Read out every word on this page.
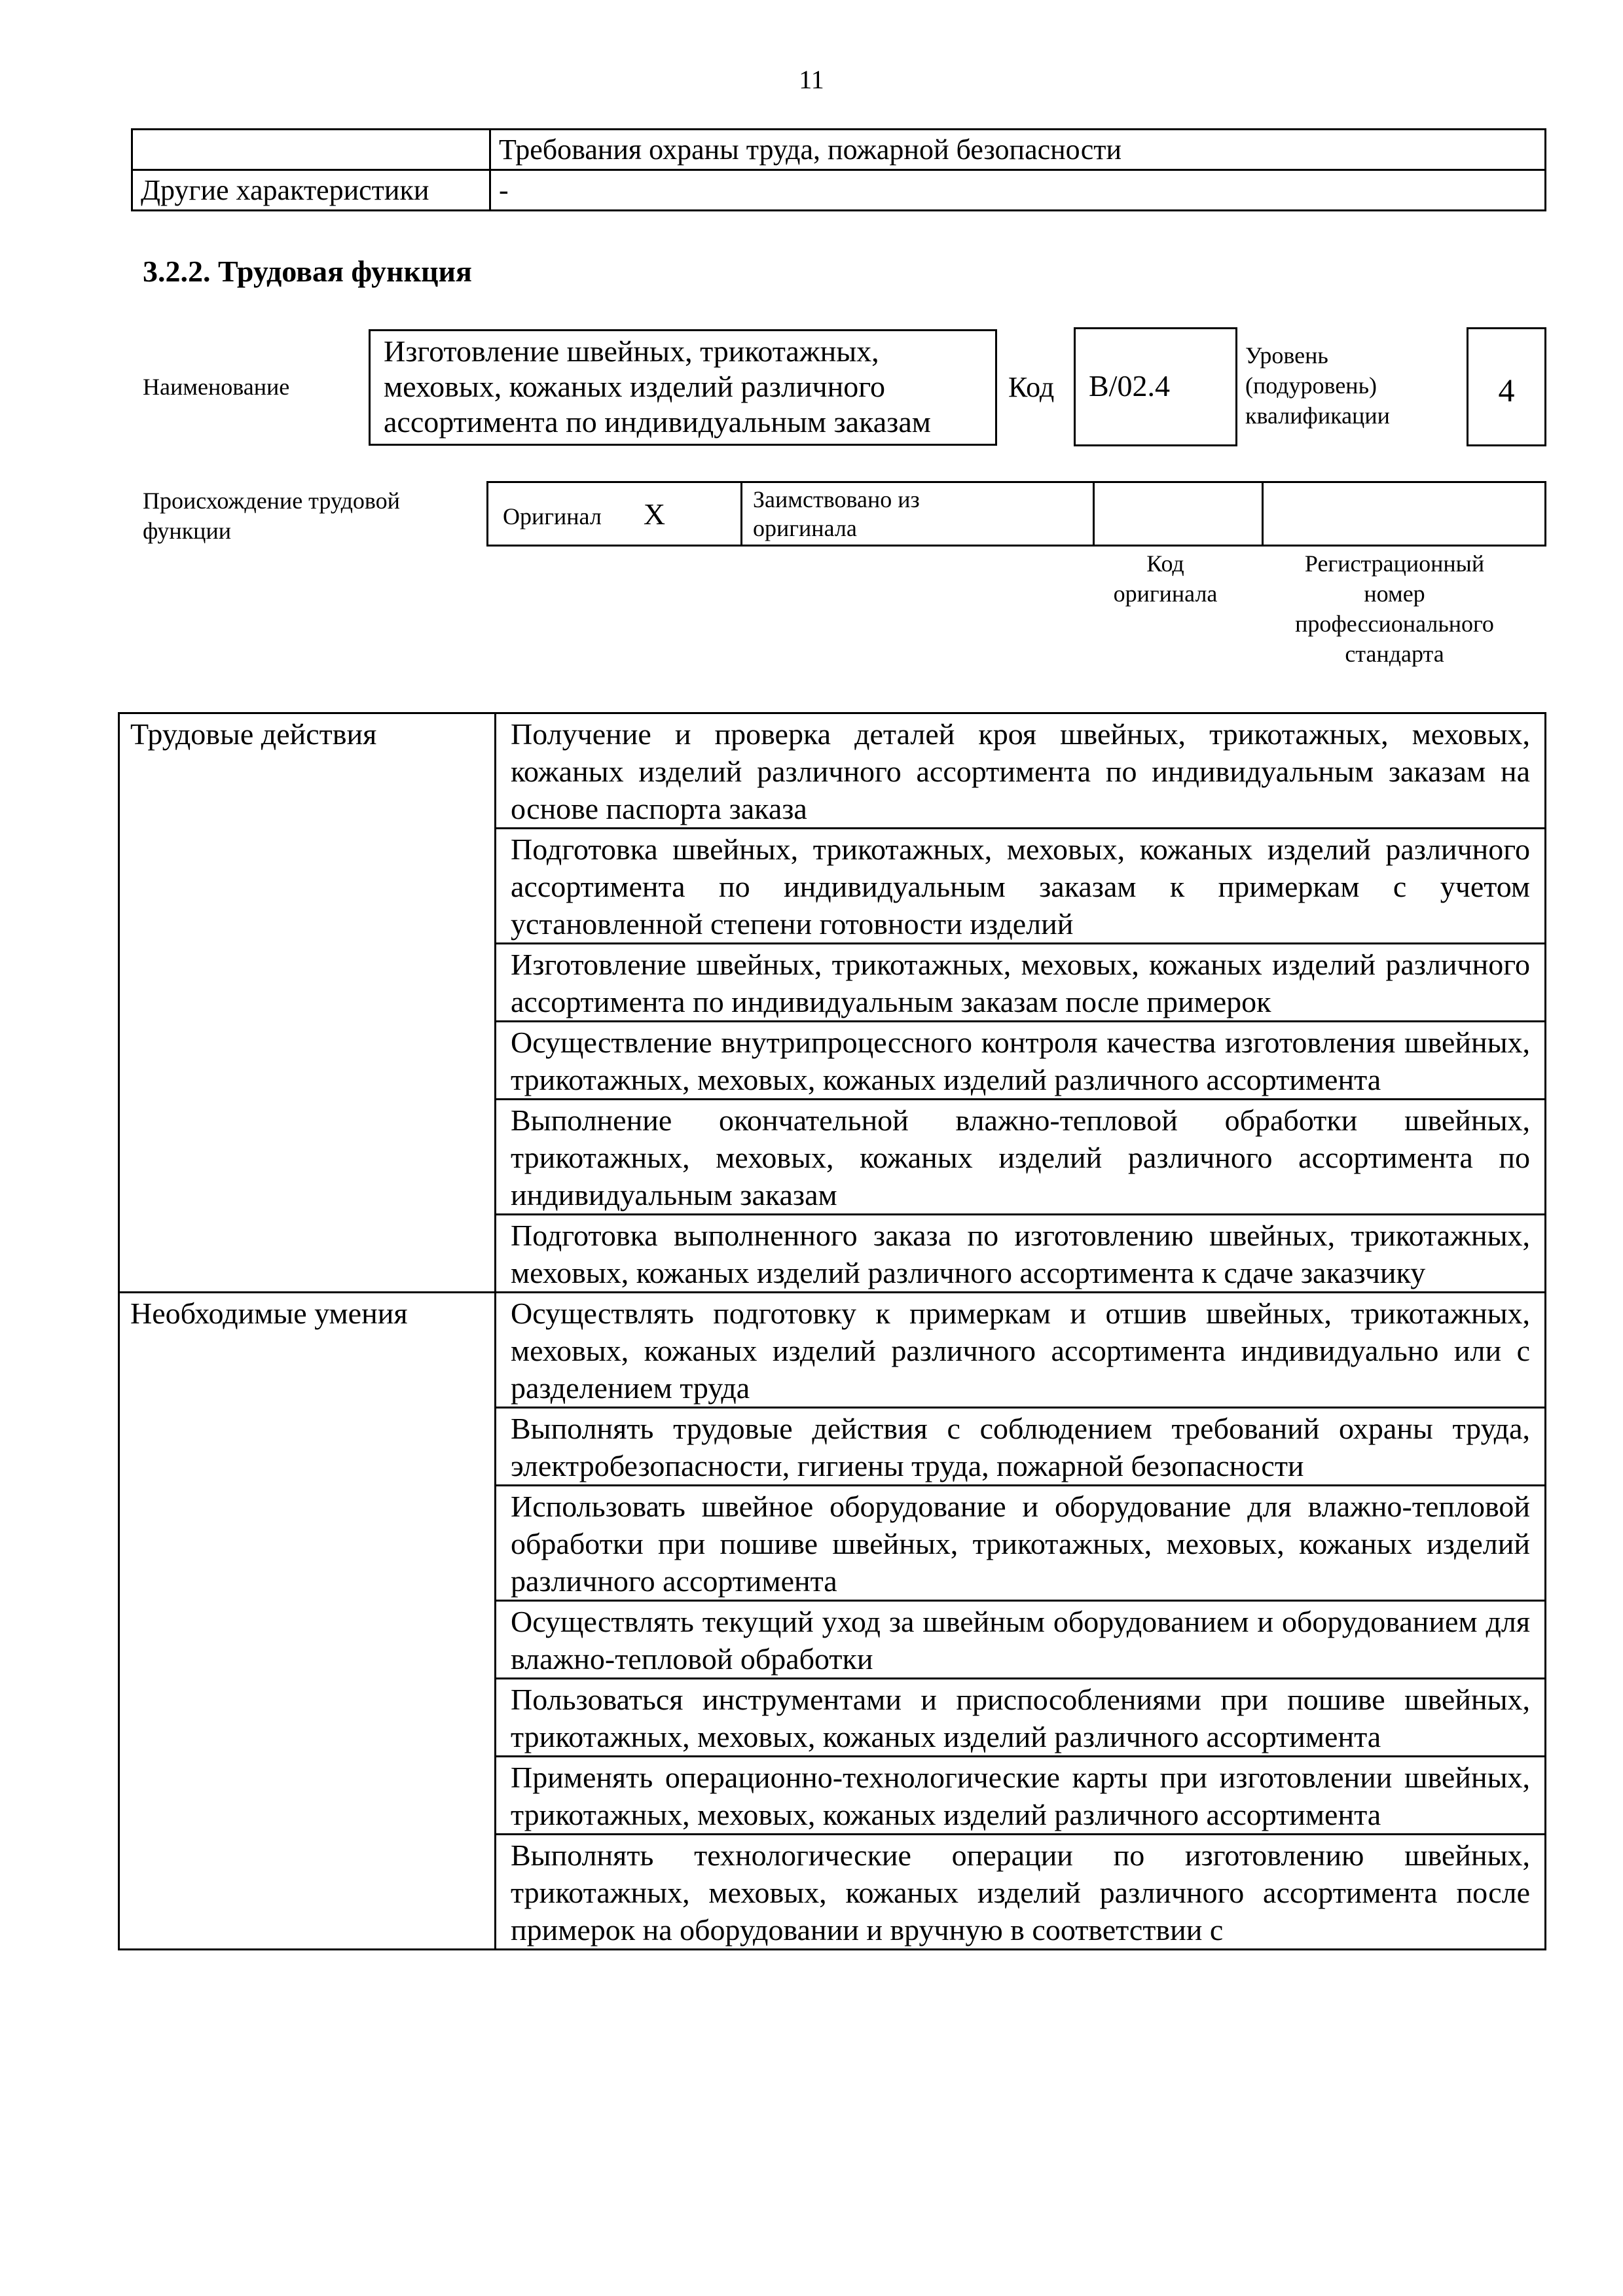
11
	Требования охраны труда, пожарной безопасности
Другие характеристики	-
3.2.2. Трудовая функция
Наименование
Изготовление швейных, трикотажных,
меховых, кожаных изделий различного
ассортимента по индивидуальным заказам
Код	B/02.4
Уровень
(подуровень)
квалификации
4
Происхождение трудовой
функции
Оригинал X	Заимствовано из
оригинала

Код
оригинала
Регистрационный
номер
профессионального
стандарта
Трудовые действия	Получение и проверка деталей кроя швейных, трикотажных, меховых, кожаных изделий различного ассортимента по индивидуальным заказам на основе паспорта заказа
	Подготовка швейных, трикотажных, меховых, кожаных изделий различного ассортимента по индивидуальным заказам к примеркам с учетом установленной степени готовности изделий
	Изготовление швейных, трикотажных, меховых, кожаных изделий различного ассортимента по индивидуальным заказам после примерок
	Осуществление внутрипроцессного контроля качества изготовления швейных, трикотажных, меховых, кожаных изделий различного ассортимента
	Выполнение окончательной влажно-тепловой обработки швейных, трикотажных, меховых, кожаных изделий различного ассортимента по индивидуальным заказам
	Подготовка выполненного заказа по изготовлению швейных, трикотажных, меховых, кожаных изделий различного ассортимента к сдаче заказчику
Необходимые умения	Осуществлять подготовку к примеркам и отшив швейных, трикотажных, меховых, кожаных изделий различного ассортимента индивидуально или с разделением труда
	Выполнять трудовые действия с соблюдением требований охраны труда, электробезопасности, гигиены труда, пожарной безопасности
	Использовать швейное оборудование и оборудование для влажно-тепловой обработки при пошиве швейных, трикотажных, меховых, кожаных изделий различного ассортимента
	Осуществлять текущий уход за швейным оборудованием и оборудованием для влажно-тепловой обработки
	Пользоваться инструментами и приспособлениями при пошиве швейных, трикотажных, меховых, кожаных изделий различного ассортимента
	Применять операционно-технологические карты при изготовлении швейных, трикотажных, меховых, кожаных изделий различного ассортимента
	Выполнять технологические операции по изготовлению швейных, трикотажных, меховых, кожаных изделий различного ассортимента после примерок на оборудовании и вручную в соответствии с
